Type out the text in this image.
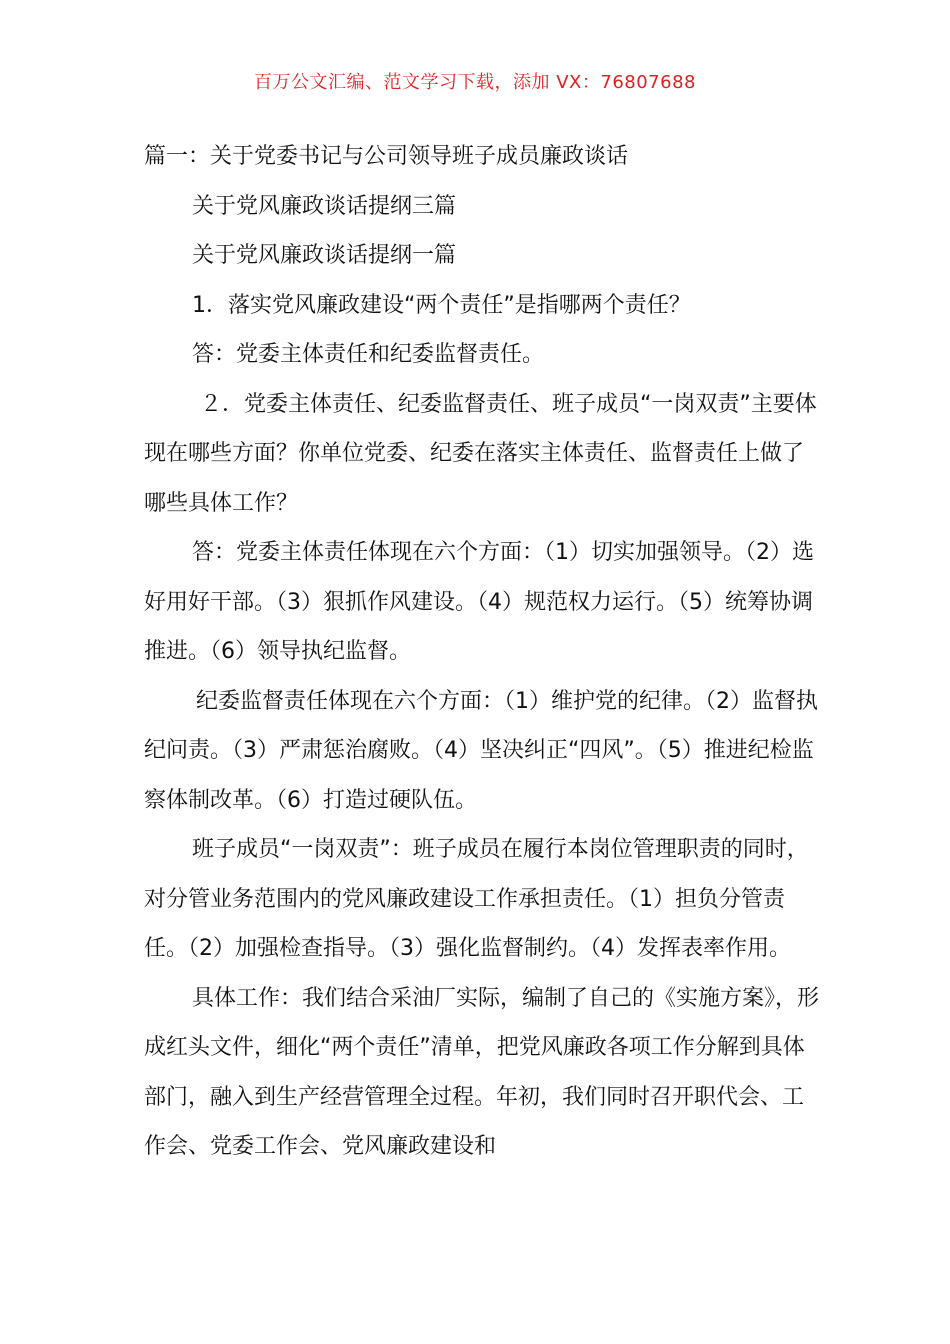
百万公文汇编、范文学习下载，添加 VX：76807688

篇一：关于党委书记与公司领导班子成员廉政谈话

关于党风廉政谈话提纲三篇

关于党风廉政谈话提纲一篇

1．落实党风廉政建设“两个责任”是指哪两个责任？

答：党委主体责任和纪委监督责任。

２．党委主体责任、纪委监督责任、班子成员“一岗双责”主要体现在哪些方面？你单位党委、纪委在落实主体责任、监督责任上做了哪些具体工作？

答：党委主体责任体现在六个方面：（1）切实加强领导。（2）选好用好干部。（3）狠抓作风建设。（4）规范权力运行。（5）统筹协调推进。（6）领导执纪监督。

纪委监督责任体现在六个方面：（1）维护党的纪律。（2）监督执纪问责。（3）严肃惩治腐败。（4）坚决纠正“四风”。（5）推进纪检监察体制改革。（6）打造过硬队伍。

班子成员“一岗双责”：班子成员在履行本岗位管理职责的同时，对分管业务范围内的党风廉政建设工作承担责任。（1）担负分管责任。（2）加强检查指导。（3）强化监督制约。（4）发挥表率作用。

具体工作：我们结合采油厂实际，编制了自己的《实施方案》，形成红头文件，细化“两个责任”清单，把党风廉政各项工作分解到具体部门，融入到生产经营管理全过程。年初，我们同时召开职代会、工作会、党委工作会、党风廉政建设和
